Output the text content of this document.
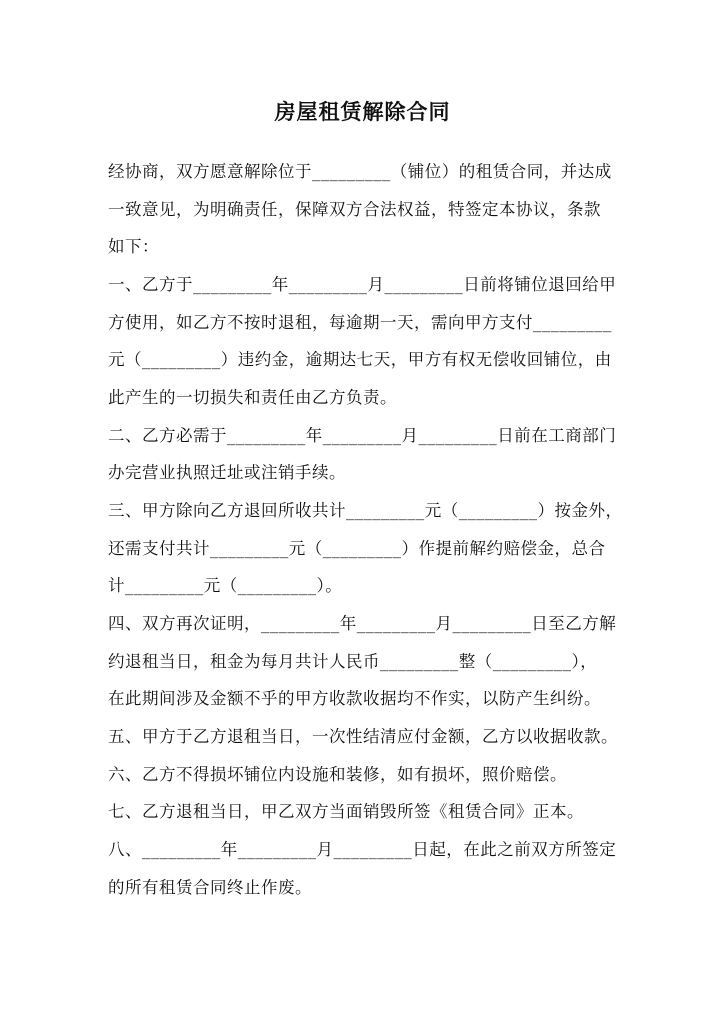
房屋租赁解除合同
经协商，双方愿意解除位于_________（铺位）的租赁合同，并达成
一致意见，为明确责任，保障双方合法权益，特签定本协议，条款
如下：
一、乙方于_________年_________月_________日前将铺位退回给甲
方使用，如乙方不按时退租，每逾期一天，需向甲方支付_________
元（_________）违约金，逾期达七天，甲方有权无偿收回铺位，由
此产生的一切损失和责任由乙方负责。
二、乙方必需于_________年_________月_________日前在工商部门
办完营业执照迁址或注销手续。
三、甲方除向乙方退回所收共计_________元（_________）按金外，
还需支付共计_________元（_________）作提前解约赔偿金，总合
计_________元（_________）。
四、双方再次证明，_________年_________月_________日至乙方解
约退租当日，租金为每月共计人民币_________整（_________），
在此期间涉及金额不乎的甲方收款收据均不作实，以防产生纠纷。
五、甲方于乙方退租当日，一次性结清应付金额，乙方以收据收款。
六、乙方不得损坏铺位内设施和装修，如有损坏，照价赔偿。
七、乙方退租当日，甲乙双方当面销毁所签《租赁合同》正本。
八、_________年_________月_________日起，在此之前双方所签定
的所有租赁合同终止作废。
